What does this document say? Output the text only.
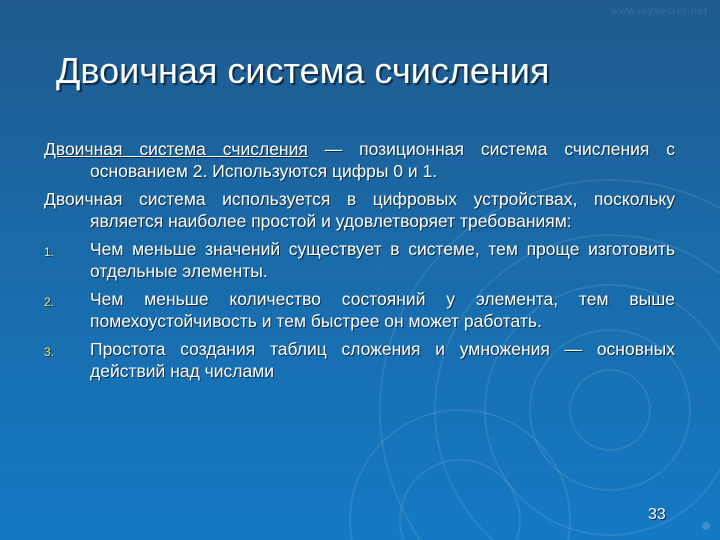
www.mysecret.net
Двоичная система счисления

Двоичная система счисления — позиционная система счисления с основанием 2. Используются цифры 0 и 1.

Двоичная система используется в цифровых устройствах, поскольку является наиболее простой и удовлетворяет требованиям:

1.	Чем меньше значений существует в системе, тем проще изготовить отдельные элементы.
2.	Чем меньше количество состояний у элемента, тем выше помехоустойчивость и тем быстрее он может работать.
3.	Простота создания таблиц сложения и умножения — основных действий над числами
33
